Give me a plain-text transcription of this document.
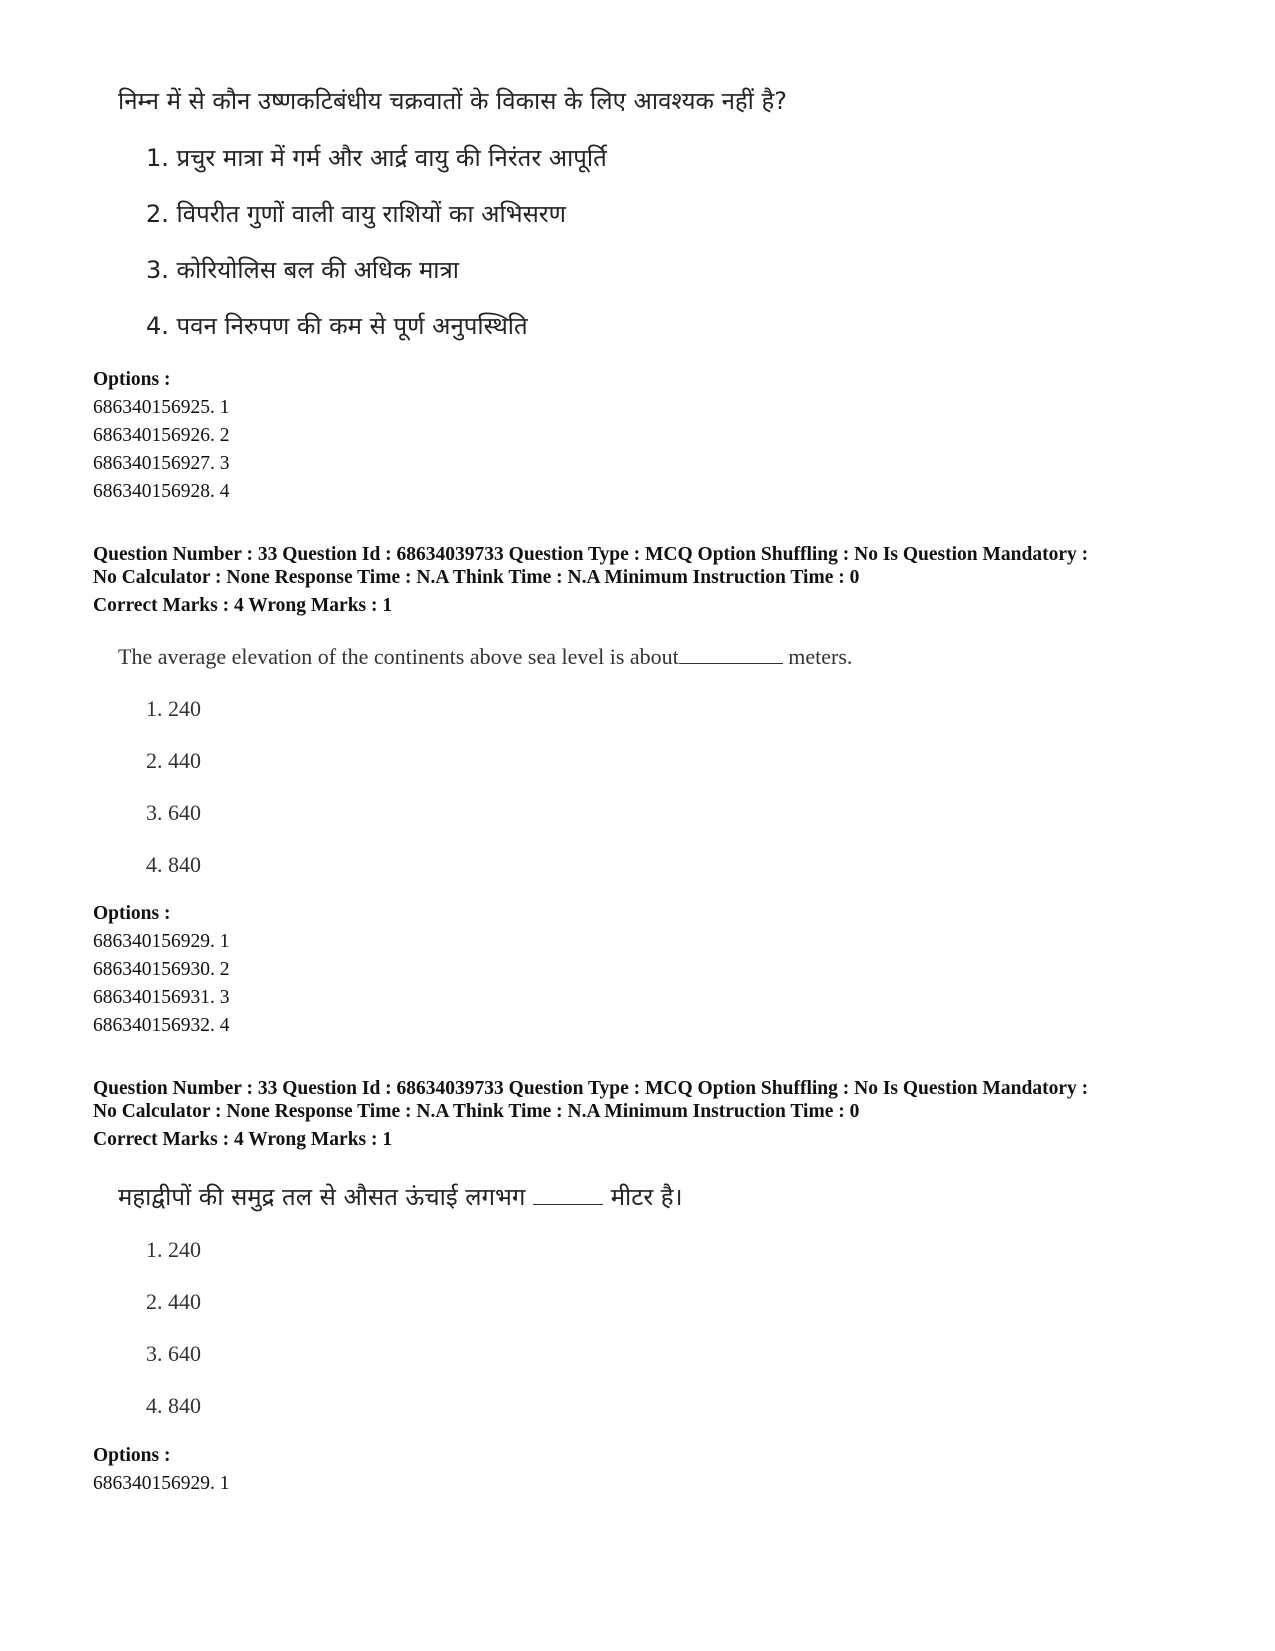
निम्न में से कौन उष्णकटिबंधीय चक्रवातों के विकास के लिए आवश्यक नहीं है?
1. प्रचुर मात्रा में गर्म और आर्द्र वायु की निरंतर आपूर्ति
2. विपरीत गुणों वाली वायु राशियों का अभिसरण
3. कोरियोलिस बल की अधिक मात्रा
4. पवन निरुपण की कम से पूर्ण अनुपस्थिति
Options :
686340156925. 1
686340156926. 2
686340156927. 3
686340156928. 4
Question Number : 33 Question Id : 68634039733 Question Type : MCQ Option Shuffling : No Is Question Mandatory :
No Calculator : None Response Time : N.A Think Time : N.A Minimum Instruction Time : 0
Correct Marks : 4 Wrong Marks : 1
The average elevation of the continents above sea level is about	meters.
1. 240
2. 440
3. 640
4. 840
Options :
686340156929. 1
686340156930. 2
686340156931. 3
686340156932. 4
Question Number : 33 Question Id : 68634039733 Question Type : MCQ Option Shuffling : No Is Question Mandatory :
No Calculator : None Response Time : N.A Think Time : N.A Minimum Instruction Time : 0
Correct Marks : 4 Wrong Marks : 1
महाद्वीपों की समुद्र तल से औसत ऊंचाई लगभग	मीटर है।
1. 240
2. 440
3. 640
4. 840
Options :
686340156929. 1
